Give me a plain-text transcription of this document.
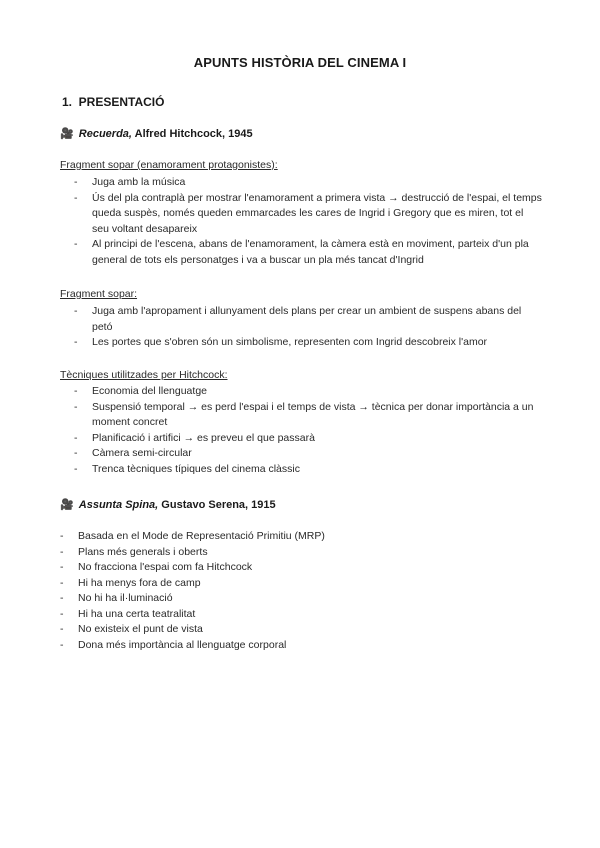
APUNTS HISTÒRIA DEL CINEMA I
1.  PRESENTACIÓ
🎥 Recuerda, Alfred Hitchcock, 1945
Fragment sopar (enamorament protagonistes):
- Juga amb la música
- Ús del pla contraplà per mostrar l'enamorament a primera vista → destrucció de l'espai, el temps queda suspès, només queden emmarcades les cares de Ingrid i Gregory que es miren, tot el seu voltant desapareix
- Al principi de l'escena, abans de l'enamorament, la càmera està en moviment, parteix d'un pla general de tots els personatges i va a buscar un pla més tancat d'Ingrid
Fragment sopar:
- Juga amb l'apropament i allunyament dels plans per crear un ambient de suspens abans del petó
- Les portes que s'obren són un simbolisme, representen com Ingrid descobreix l'amor
Tècniques utilitzades per Hitchcock:
- Economia del llenguatge
- Suspensió temporal → es perd l'espai i el temps de vista → tècnica per donar importància a un moment concret
- Planificació i artifici → es preveu el que passarà
- Càmera semi-circular
- Trenca tècniques típiques del cinema clàssic
🎥 Assunta Spina, Gustavo Serena, 1915
- Basada en el Mode de Representació Primitiu (MRP)
- Plans més generals i oberts
- No fracciona l'espai com fa Hitchcock
- Hi ha menys fora de camp
- No hi ha il·luminació
- Hi ha una certa teatralitat
- No existeix el punt de vista
- Dona més importància al llenguatge corporal
